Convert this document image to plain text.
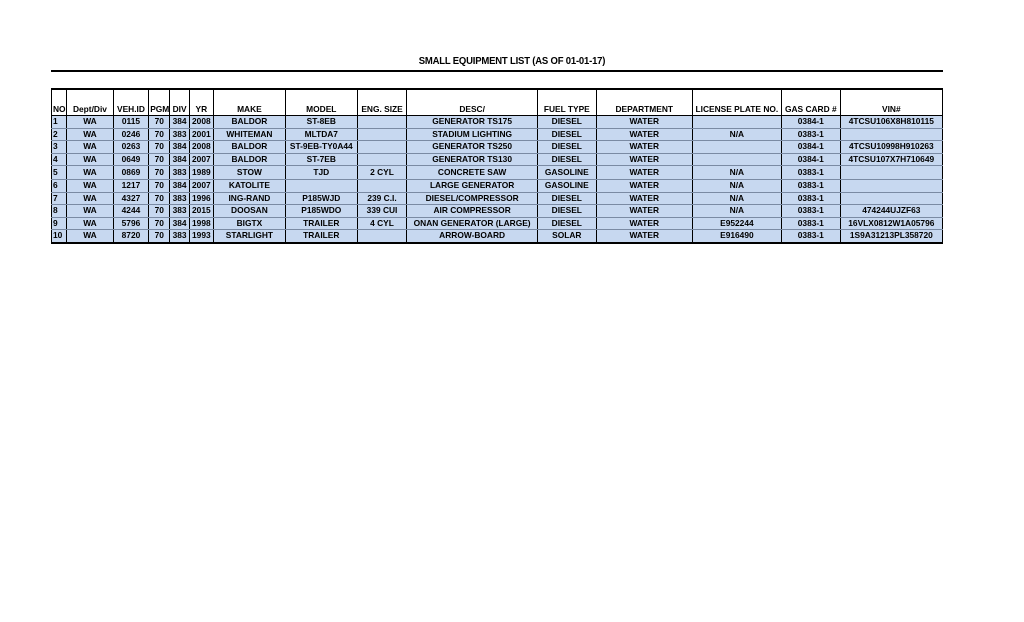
SMALL EQUIPMENT LIST (AS OF 01-01-17)
NO	Dept/Div	VEH.ID	PGM	DIV	YR	MAKE	MODEL	ENG. SIZE	DESC/	FUEL TYPE	DEPARTMENT	LICENSE PLATE NO.	GAS CARD #	VIN#
1	WA	0115	70	384	2008	BALDOR	ST-8EB		GENERATOR TS175	DIESEL	WATER		0384-1	4TCSU106X8H810115
2	WA	0246	70	383	2001	WHITEMAN	MLTDA7		STADIUM LIGHTING	DIESEL	WATER	N/A	0383-1	
3	WA	0263	70	384	2008	BALDOR	ST-9EB-TY0A44		GENERATOR TS250	DIESEL	WATER		0384-1	4TCSU10998H910263
4	WA	0649	70	384	2007	BALDOR	ST-7EB		GENERATOR TS130	DIESEL	WATER		0384-1	4TCSU107X7H710649
5	WA	0869	70	383	1989	STOW	TJD	2 CYL	CONCRETE SAW	GASOLINE	WATER	N/A	0383-1	
6	WA	1217	70	384	2007	KATOLITE			LARGE GENERATOR	GASOLINE	WATER	N/A	0383-1	
7	WA	4327	70	383	1996	ING-RAND	P185WJD	239 C.I.	DIESEL/COMPRESSOR	DIESEL	WATER	N/A	0383-1	
8	WA	4244	70	383	2015	DOOSAN	P185WDO	339 CUI	AIR COMPRESSOR	DIESEL	WATER	N/A	0383-1	474244UJZF63
9	WA	5796	70	384	1998	BIGTX	TRAILER	4 CYL	ONAN GENERATOR (LARGE)	DIESEL	WATER	E952244	0383-1	16VLX0812W1A05796
10	WA	8720	70	383	1993	STARLIGHT	TRAILER		ARROW-BOARD	SOLAR	WATER	E916490	0383-1	1S9A31213PL358720
